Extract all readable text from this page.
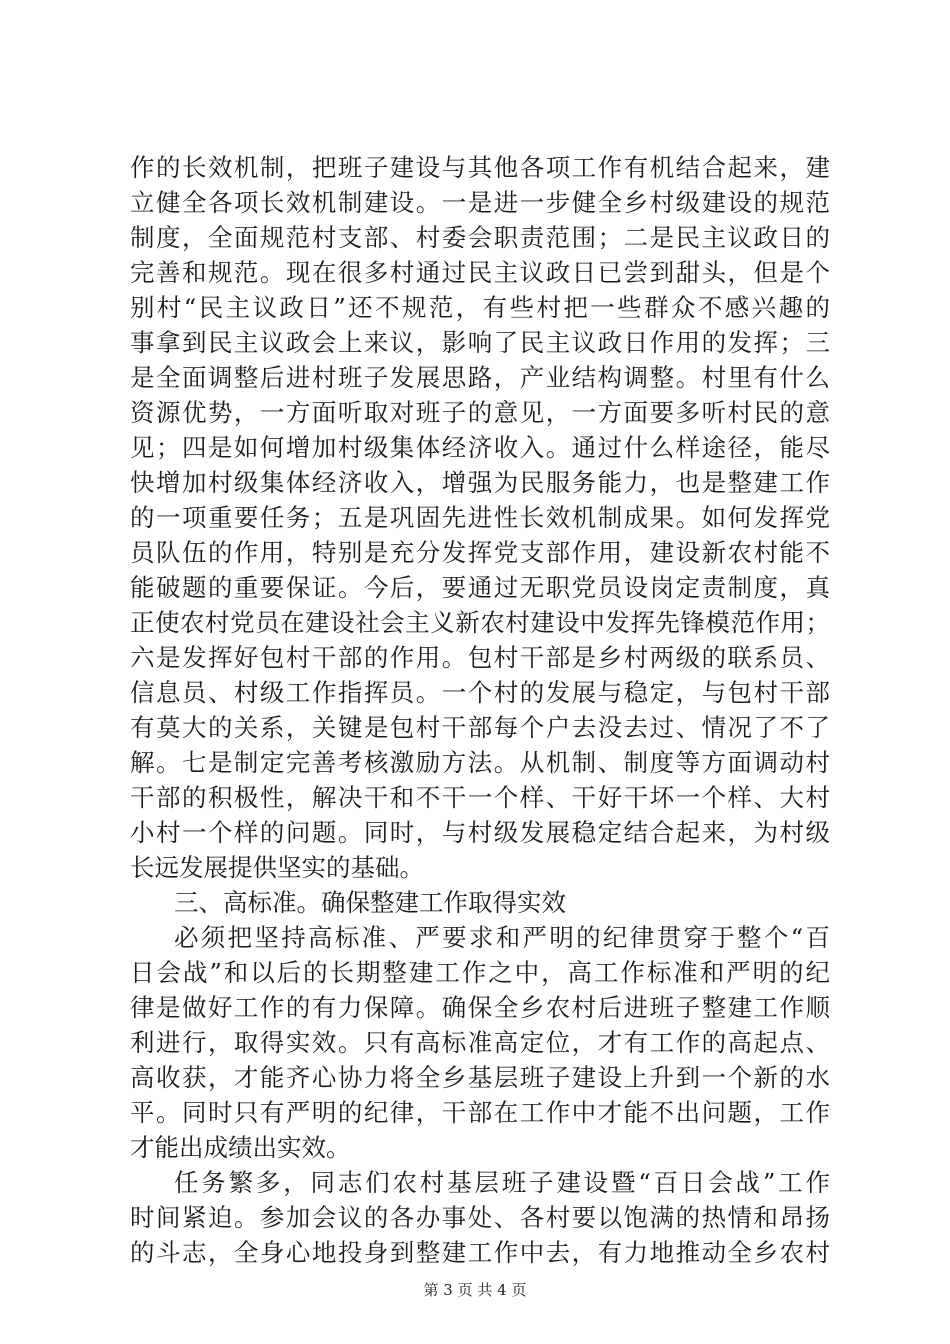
作的长效机制，把班子建设与其他各项工作有机结合起来，建
立健全各项长效机制建设。一是进一步健全乡村级建设的规范
制度，全面规范村支部、村委会职责范围；二是民主议政日的
完善和规范。现在很多村通过民主议政日已尝到甜头，但是个
别村“民主议政日”还不规范，有些村把一些群众不感兴趣的
事拿到民主议政会上来议，影响了民主议政日作用的发挥；三
是全面调整后进村班子发展思路，产业结构调整。村里有什么
资源优势，一方面听取对班子的意见，一方面要多听村民的意
见；四是如何增加村级集体经济收入。通过什么样途径，能尽
快增加村级集体经济收入，增强为民服务能力，也是整建工作
的一项重要任务；五是巩固先进性长效机制成果。如何发挥党
员队伍的作用，特别是充分发挥党支部作用，建设新农村能不
能破题的重要保证。今后，要通过无职党员设岗定责制度，真
正使农村党员在建设社会主义新农村建设中发挥先锋模范作用；
六是发挥好包村干部的作用。包村干部是乡村两级的联系员、
信息员、村级工作指挥员。一个村的发展与稳定，与包村干部
有莫大的关系，关键是包村干部每个户去没去过、情况了不了
解。七是制定完善考核激励方法。从机制、制度等方面调动村
干部的积极性，解决干和不干一个样、干好干坏一个样、大村
小村一个样的问题。同时，与村级发展稳定结合起来，为村级
长远发展提供坚实的基础。
三、高标准。确保整建工作取得实效
必须把坚持高标准、严要求和严明的纪律贯穿于整个“百
日会战”和以后的长期整建工作之中，高工作标准和严明的纪
律是做好工作的有力保障。确保全乡农村后进班子整建工作顺
利进行，取得实效。只有高标准高定位，才有工作的高起点、
高收获，才能齐心协力将全乡基层班子建设上升到一个新的水
平。同时只有严明的纪律，干部在工作中才能不出问题，工作
才能出成绩出实效。
任务繁多，同志们农村基层班子建设暨“百日会战”工作
时间紧迫。参加会议的各办事处、各村要以饱满的热情和昂扬
的斗志，全身心地投身到整建工作中去，有力地推动全乡农村
第 3 页 共 4 页
